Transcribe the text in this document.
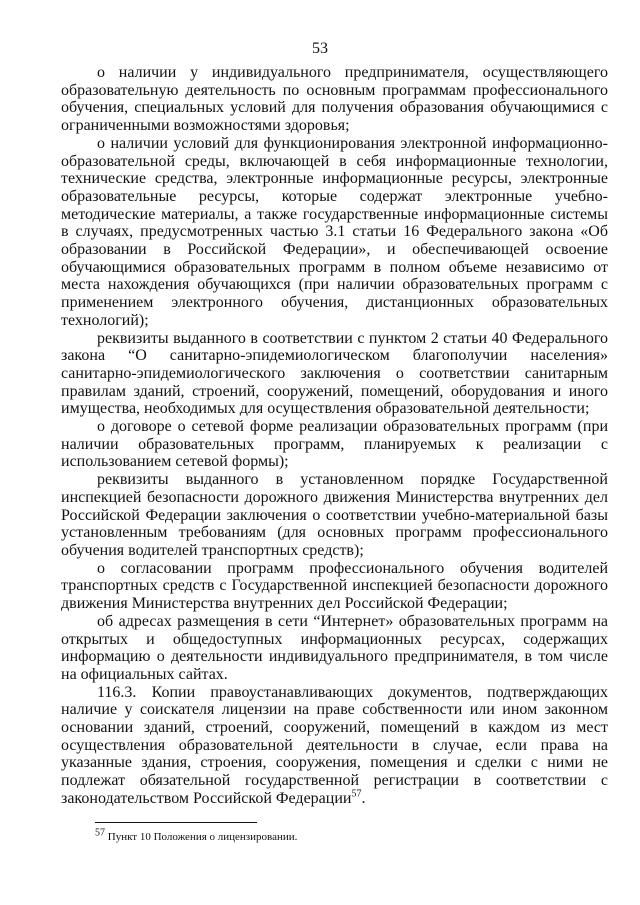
53

о наличии у индивидуального предпринимателя, осуществляющего образовательную деятельность по основным программам профессионального обучения, специальных условий для получения образования обучающимися с ограниченными возможностями здоровья;

о наличии условий для функционирования электронной информационно-образовательной среды, включающей в себя информационные технологии, технические средства, электронные информационные ресурсы, электронные образовательные ресурсы, которые содержат электронные учебно-методические материалы, а также государственные информационные системы в случаях, предусмотренных частью 3.1 статьи 16 Федерального закона «Об образовании в Российской Федерации», и обеспечивающей освоение обучающимися образовательных программ в полном объеме независимо от места нахождения обучающихся (при наличии образовательных программ с применением электронного обучения, дистанционных образовательных технологий);

реквизиты выданного в соответствии с пунктом 2 статьи 40 Федерального закона “О санитарно-эпидемиологическом благополучии населения» санитарно-эпидемиологического заключения о соответствии санитарным правилам зданий, строений, сооружений, помещений, оборудования и иного имущества, необходимых для осуществления образовательной деятельности;

о договоре о сетевой форме реализации образовательных программ (при наличии образовательных программ, планируемых к реализации с использованием сетевой формы);

реквизиты выданного в установленном порядке Государственной инспекцией безопасности дорожного движения Министерства внутренних дел Российской Федерации заключения о соответствии учебно-материальной базы установленным требованиям (для основных программ профессионального обучения водителей транспортных средств);

о согласовании программ профессионального обучения водителей транспортных средств с Государственной инспекцией безопасности дорожного движения Министерства внутренних дел Российской Федерации;

об адресах размещения в сети “Интернет» образовательных программ на открытых и общедоступных информационных ресурсах, содержащих информацию о деятельности индивидуального предпринимателя, в том числе на официальных сайтах.

116.3. Копии правоустанавливающих документов, подтверждающих наличие у соискателя лицензии на праве собственности или ином законном основании зданий, строений, сооружений, помещений в каждом из мест осуществления образовательной деятельности в случае, если права на указанные здания, строения, сооружения, помещения и сделки с ними не подлежат обязательной государственной регистрации в соответствии с законодательством Российской Федерации$^{57}$.

$^{57}$ Пункт 10 Положения о лицензировании.
